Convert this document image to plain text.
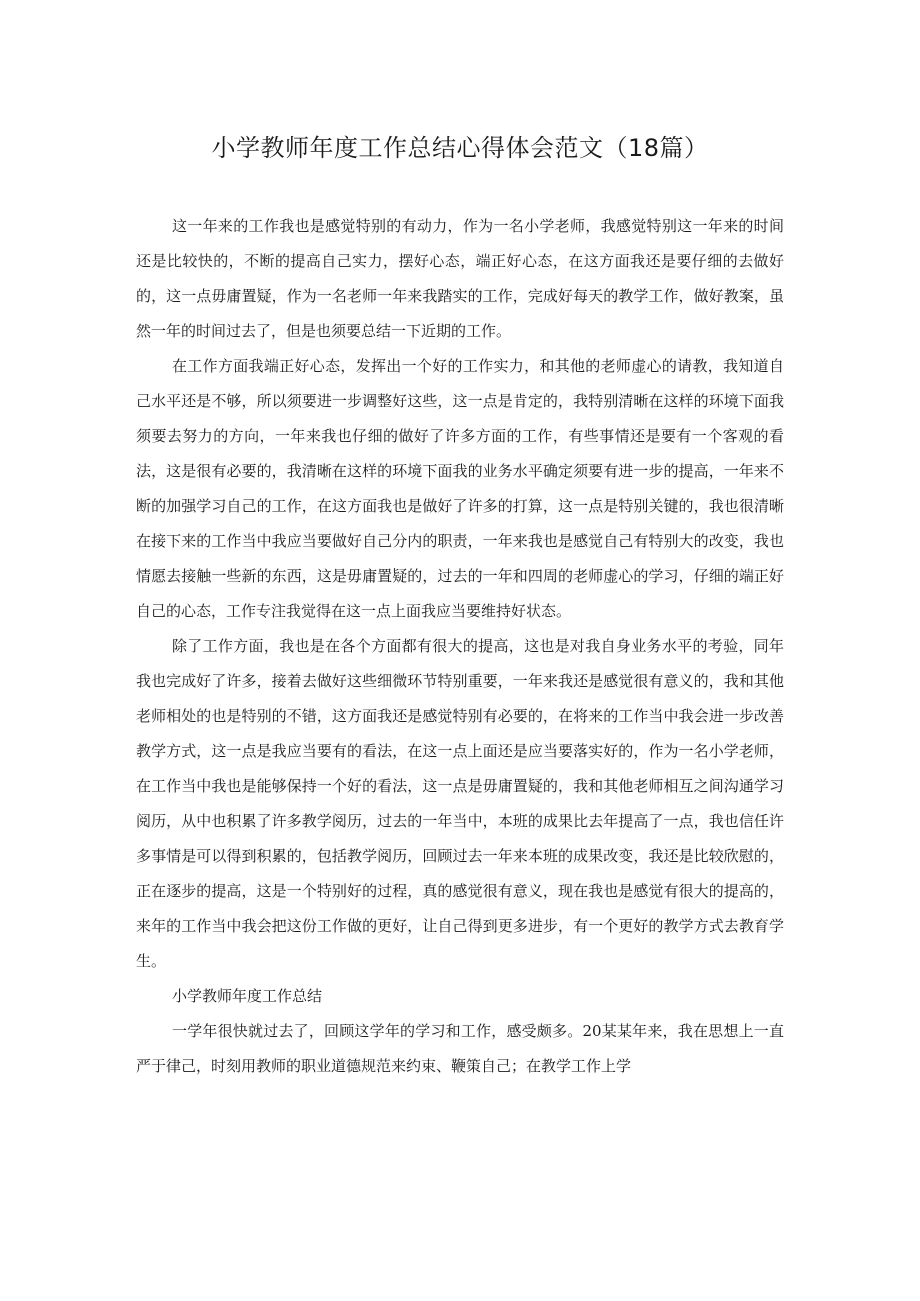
小学教师年度工作总结心得体会范文（18篇）

这一年来的工作我也是感觉特别的有动力，作为一名小学老师，我感觉特别这一年来的时间还是比较快的，不断的提高自己实力，摆好心态，端正好心态，在这方面我还是要仔细的去做好的，这一点毋庸置疑，作为一名老师一年来我踏实的工作，完成好每天的教学工作，做好教案，虽然一年的时间过去了，但是也须要总结一下近期的工作。

在工作方面我端正好心态，发挥出一个好的工作实力，和其他的老师虚心的请教，我知道自己水平还是不够，所以须要进一步调整好这些，这一点是肯定的，我特别清晰在这样的环境下面我须要去努力的方向，一年来我也仔细的做好了许多方面的工作，有些事情还是要有一个客观的看法，这是很有必要的，我清晰在这样的环境下面我的业务水平确定须要有进一步的提高，一年来不断的加强学习自己的工作，在这方面我也是做好了许多的打算，这一点是特别关键的，我也很清晰在接下来的工作当中我应当要做好自己分内的职责，一年来我也是感觉自己有特别大的改变，我也情愿去接触一些新的东西，这是毋庸置疑的，过去的一年和四周的老师虚心的学习，仔细的端正好自己的心态，工作专注我觉得在这一点上面我应当要维持好状态。

除了工作方面，我也是在各个方面都有很大的提高，这也是对我自身业务水平的考验，同年我也完成好了许多，接着去做好这些细微环节特别重要，一年来我还是感觉很有意义的，我和其他老师相处的也是特别的不错，这方面我还是感觉特别有必要的，在将来的工作当中我会进一步改善教学方式，这一点是我应当要有的看法，在这一点上面还是应当要落实好的，作为一名小学老师，在工作当中我也是能够保持一个好的看法，这一点是毋庸置疑的，我和其他老师相互之间沟通学习阅历，从中也积累了许多教学阅历，过去的一年当中，本班的成果比去年提高了一点，我也信任许多事情是可以得到积累的，包括教学阅历，回顾过去一年来本班的成果改变，我还是比较欣慰的，正在逐步的提高，这是一个特别好的过程，真的感觉很有意义，现在我也是感觉有很大的提高的，来年的工作当中我会把这份工作做的更好，让自己得到更多进步，有一个更好的教学方式去教育学生。

小学教师年度工作总结

一学年很快就过去了，回顾这学年的学习和工作，感受颇多。20某某年来，我在思想上一直严于律己，时刻用教师的职业道德规范来约束、鞭策自己；在教学工作上学
